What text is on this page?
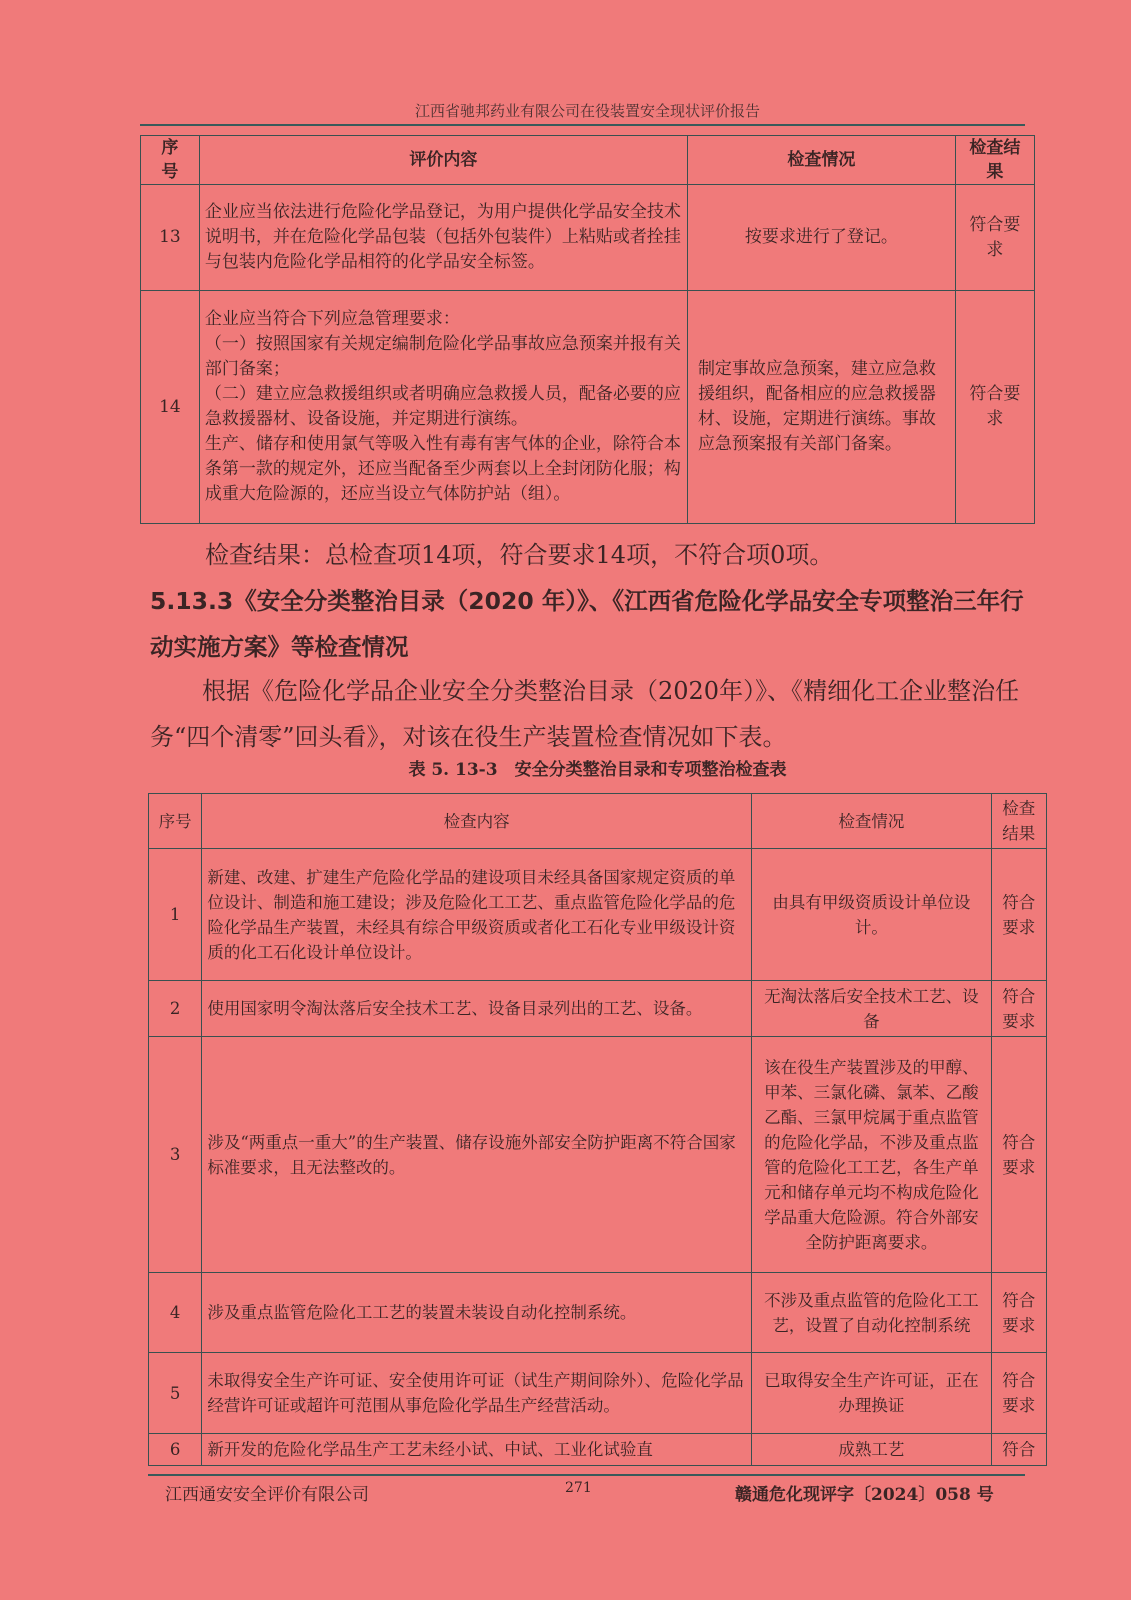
江西省驰邦药业有限公司在役装置安全现状评价报告
序号	评价内容	检查情况	检查结果
13	企业应当依法进行危险化学品登记，为用户提供化学品安全技术说明书，并在危险化学品包装（包括外包装件）上粘贴或者拴挂与包装内危险化学品相符的化学品安全标签。	按要求进行了登记。	符合要求
14	企业应当符合下列应急管理要求：
（一）按照国家有关规定编制危险化学品事故应急预案并报有关部门备案；
（二）建立应急救援组织或者明确应急救援人员，配备必要的应急救援器材、设备设施，并定期进行演练。
生产、储存和使用氯气等吸入性有毒有害气体的企业，除符合本条第一款的规定外，还应当配备至少两套以上全封闭防化服；构成重大危险源的，还应当设立气体防护站（组）。	制定事故应急预案，建立应急救援组织，配备相应的应急救援器材、设施，定期进行演练。事故应急预案报有关部门备案。	符合要求
检查结果：总检查项14项，符合要求14项，不符合项0项。
5.13.3《安全分类整治目录（2020 年）》、《江西省危险化学品安全专项整治三年行动实施方案》等检查情况
根据《危险化学品企业安全分类整治目录（2020年）》、《精细化工企业整治任务“四个清零”回头看》，对该在役生产装置检查情况如下表。
表 5. 13-3　安全分类整治目录和专项整治检查表
序号	检查内容	检查情况	检查结果
1	新建、改建、扩建生产危险化学品的建设项目未经具备国家规定资质的单位设计、制造和施工建设；涉及危险化工工艺、重点监管危险化学品的危险化学品生产装置，未经具有综合甲级资质或者化工石化专业甲级设计资质的化工石化设计单位设计。	由具有甲级资质设计单位设计。	符合要求
2	使用国家明令淘汰落后安全技术工艺、设备目录列出的工艺、设备。	无淘汰落后安全技术工艺、设备	符合要求
3	涉及“两重点一重大”的生产装置、储存设施外部安全防护距离不符合国家标准要求，且无法整改的。	该在役生产装置涉及的甲醇、甲苯、三氯化磷、氯苯、乙酸乙酯、三氯甲烷属于重点监管的危险化学品，不涉及重点监管的危险化工工艺，各生产单元和储存单元均不构成危险化学品重大危险源。符合外部安全防护距离要求。	符合要求
4	涉及重点监管危险化工工艺的装置未装设自动化控制系统。	不涉及重点监管的危险化工工艺，设置了自动化控制系统	符合要求
5	未取得安全生产许可证、安全使用许可证（试生产期间除外）、危险化学品经营许可证或超许可范围从事危险化学品生产经营活动。	已取得安全生产许可证，正在办理换证	符合要求
6	新开发的危险化学品生产工艺未经小试、中试、工业化试验直	成熟工艺	符合
江西通安安全评价有限公司	271	赣通危化现评字〔2024〕058 号
